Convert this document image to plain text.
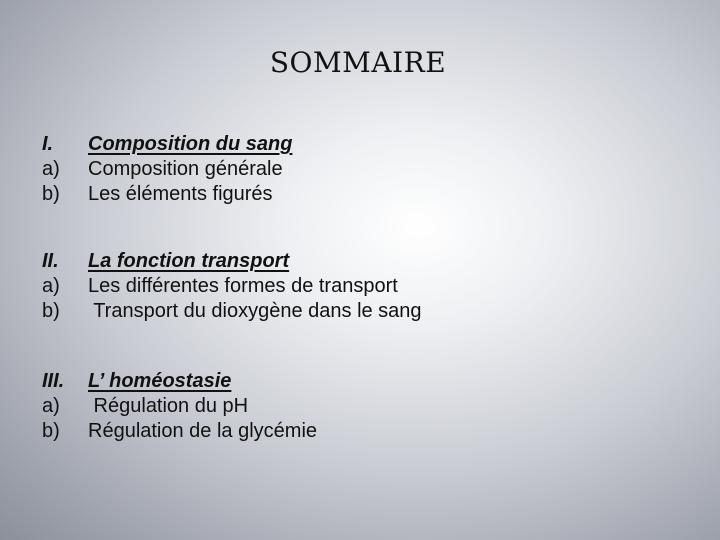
SOMMAIRE
I.	Composition du sang
a)	Composition générale
b)	Les éléments figurés
II.	La fonction transport
a)	Les différentes formes de transport
b)	Transport du dioxygène dans le sang
III.	L’ homéostasie
a)	Régulation du pH
b)	Régulation de la glycémie
